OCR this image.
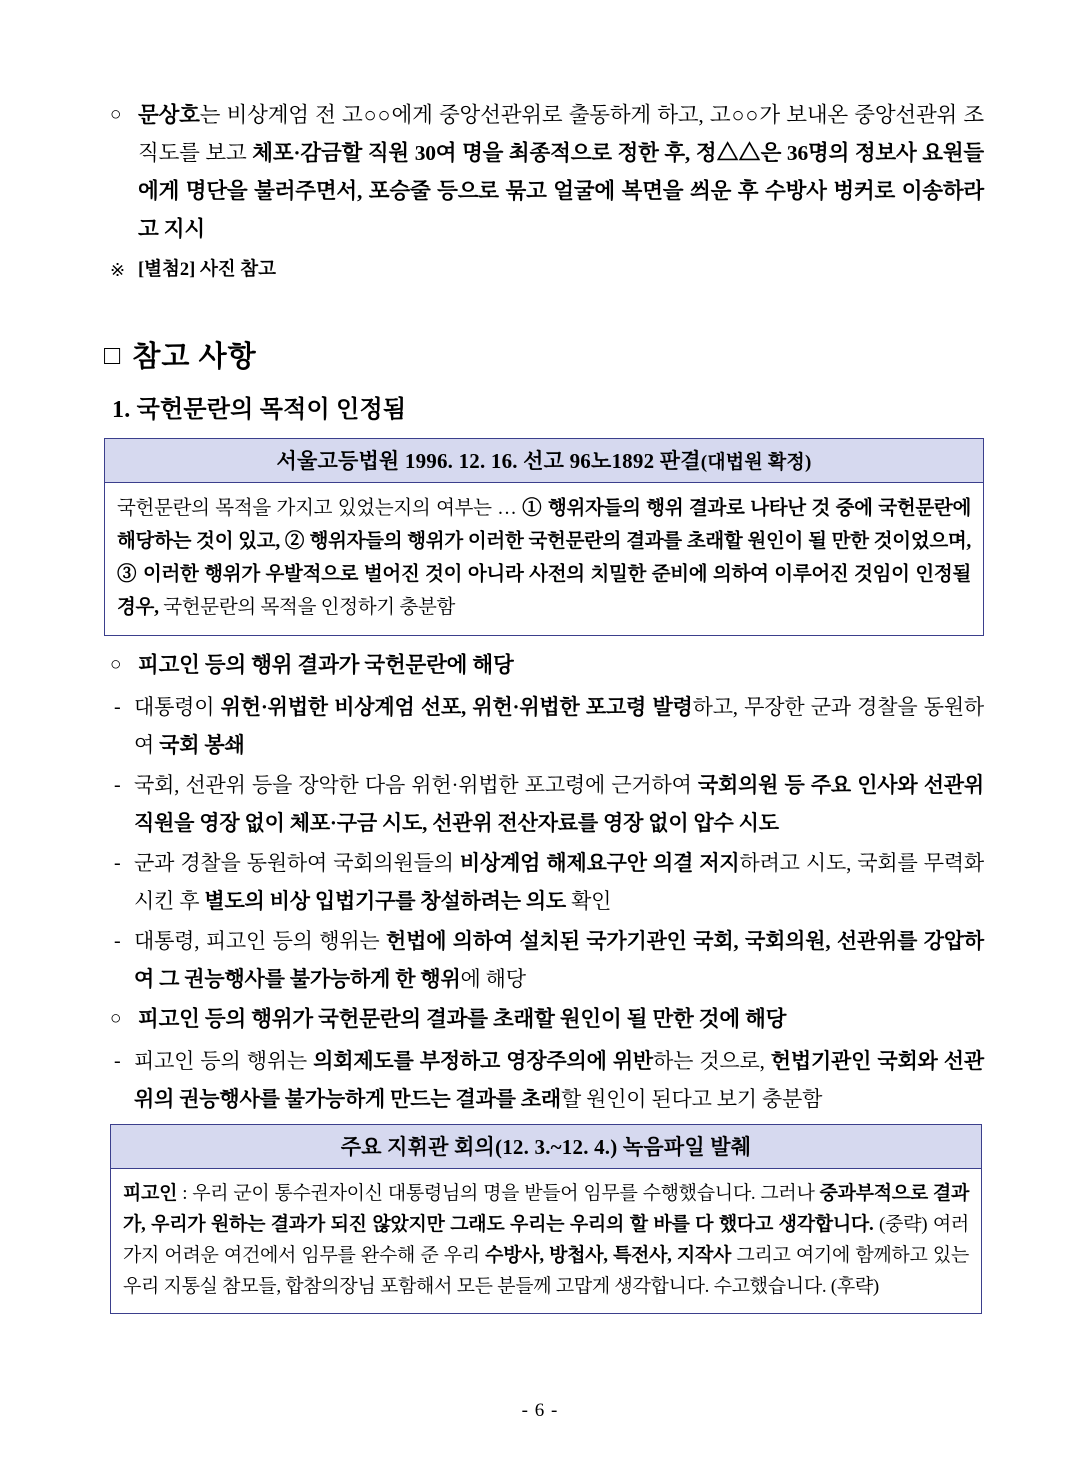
○ 문상호는 비상계엄 전 고○○에게 중앙선관위로 출동하게 하고, 고○○가 보내온 중앙선관위 조직도를 보고 체포·감금할 직원 30여 명을 최종적으로 정한 후, 정△△은 36명의 정보사 요원들에게 명단을 불러주면서, 포승줄 등으로 묶고 얼굴에 복면을 씌운 후 수방사 벙커로 이송하라고 지시
※ [별첨2] 사진 참고
□ 참고 사항
1. 국헌문란의 목적이 인정됨
서울고등법원 1996. 12. 16. 선고 96노1892 판결(대법원 확정)
국헌문란의 목적을 가지고 있었는지의 여부는 … ① 행위자들의 행위 결과로 나타난 것 중에 국헌문란에 해당하는 것이 있고, ② 행위자들의 행위가 이러한 국헌문란의 결과를 초래할 원인이 될 만한 것이었으며, ③ 이러한 행위가 우발적으로 벌어진 것이 아니라 사전의 치밀한 준비에 의하여 이루어진 것임이 인정될 경우, 국헌문란의 목적을 인정하기 충분함
○ 피고인 등의 행위 결과가 국헌문란에 해당
- 대통령이 위헌·위법한 비상계엄 선포, 위헌·위법한 포고령 발령하고, 무장한 군과 경찰을 동원하여 국회 봉쇄
- 국회, 선관위 등을 장악한 다음 위헌·위법한 포고령에 근거하여 국회의원 등 주요 인사와 선관위 직원을 영장 없이 체포·구금 시도, 선관위 전산자료를 영장 없이 압수 시도
- 군과 경찰을 동원하여 국회의원들의 비상계엄 해제요구안 의결 저지하려고 시도, 국회를 무력화시킨 후 별도의 비상 입법기구를 창설하려는 의도 확인
- 대통령, 피고인 등의 행위는 헌법에 의하여 설치된 국가기관인 국회, 국회의원, 선관위를 강압하여 그 권능행사를 불가능하게 한 행위에 해당
○ 피고인 등의 행위가 국헌문란의 결과를 초래할 원인이 될 만한 것에 해당
- 피고인 등의 행위는 의회제도를 부정하고 영장주의에 위반하는 것으로, 헌법기관인 국회와 선관위의 권능행사를 불가능하게 만드는 결과를 초래할 원인이 된다고 보기 충분함
주요 지휘관 회의(12. 3.~12. 4.) 녹음파일 발췌
피고인 : 우리 군이 통수권자이신 대통령님의 명을 받들어 임무를 수행했습니다. 그러나 중과부적으로 결과가, 우리가 원하는 결과가 되진 않았지만 그래도 우리는 우리의 할 바를 다 했다고 생각합니다. (중략) 여러 가지 어려운 여건에서 임무를 완수해 준 우리 수방사, 방첩사, 특전사, 지작사 그리고 여기에 함께하고 있는 우리 지통실 참모들, 합참의장님 포함해서 모든 분들께 고맙게 생각합니다. 수고했습니다. (후략)
- 6 -
